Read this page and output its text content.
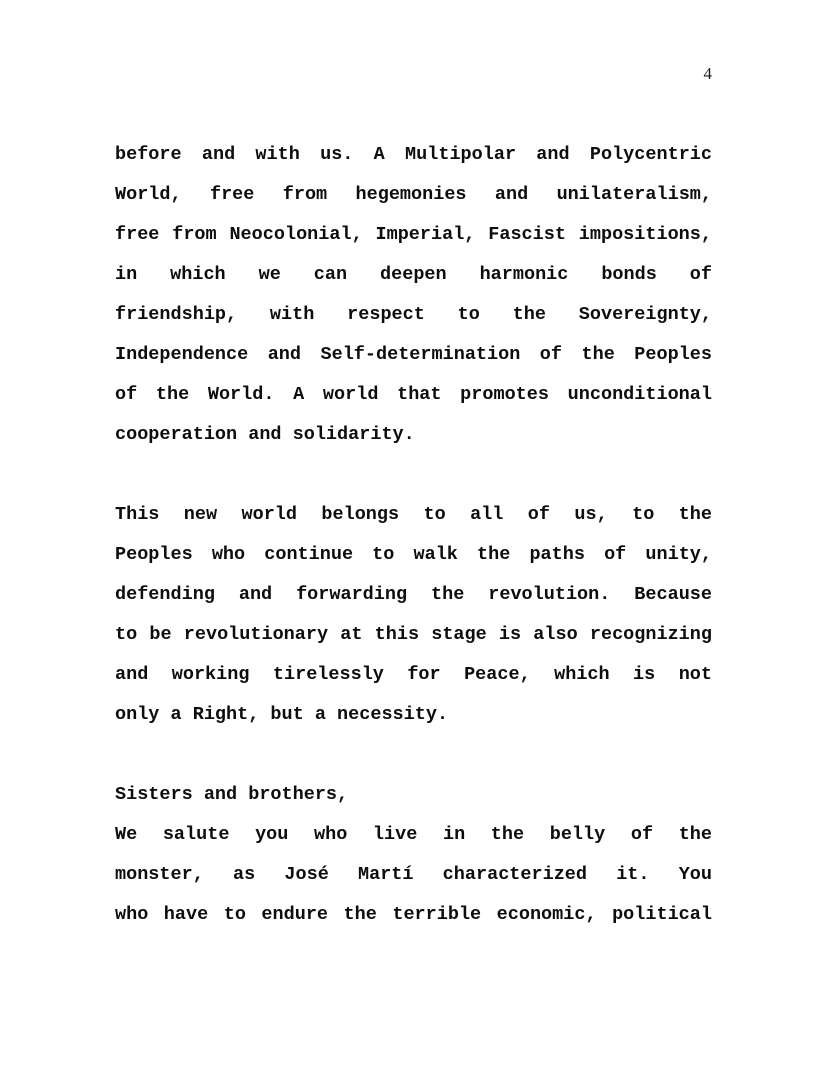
4
before and with us. A Multipolar and Polycentric
World, free from hegemonies and unilateralism,
free from Neocolonial, Imperial, Fascist impositions,
in which we can deepen harmonic bonds of
friendship, with respect to the Sovereignty,
Independence and Self-determination of the Peoples
of the World. A world that promotes unconditional
cooperation and solidarity.
This new world belongs to all of us, to the
Peoples who continue to walk the paths of unity,
defending and forwarding the revolution. Because
to be revolutionary at this stage is also recognizing
and working tirelessly for Peace, which is not
only a Right, but a necessity.
Sisters and brothers,
We salute you who live in the belly of the
monster, as José Martí characterized it. You
who have to endure the terrible economic, political
